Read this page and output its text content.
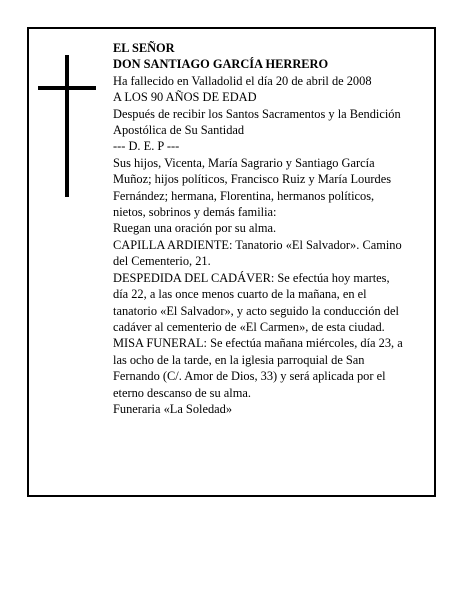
EL SEÑOR

DON SANTIAGO GARCÍA HERRERO

Ha fallecido en Valladolid el día 20 de abril de 2008

A LOS 90 AÑOS DE EDAD

Después de recibir los Santos Sacramentos y la Bendición Apostólica de Su Santidad

--- D. E. P ---

Sus hijos, Vicenta, María Sagrario y Santiago García Muñoz; hijos políticos, Francisco Ruiz y María Lourdes Fernández; hermana, Florentina, hermanos políticos, nietos, sobrinos y demás familia:

Ruegan una oración por su alma.

CAPILLA ARDIENTE: Tanatorio «El Salvador». Camino del Cementerio, 21.

DESPEDIDA DEL CADÁVER: Se efectúa hoy martes, día 22, a las once menos cuarto de la mañana, en el tanatorio «El Salvador», y acto seguido la conducción del cadáver al cementerio de «El Carmen», de esta ciudad.

MISA FUNERAL: Se efectúa mañana miércoles, día 23, a las ocho de la tarde, en la iglesia parroquial de San Fernando (C/. Amor de Dios, 33) y será aplicada por el eterno descanso de su alma.

Funeraria «La Soledad»
